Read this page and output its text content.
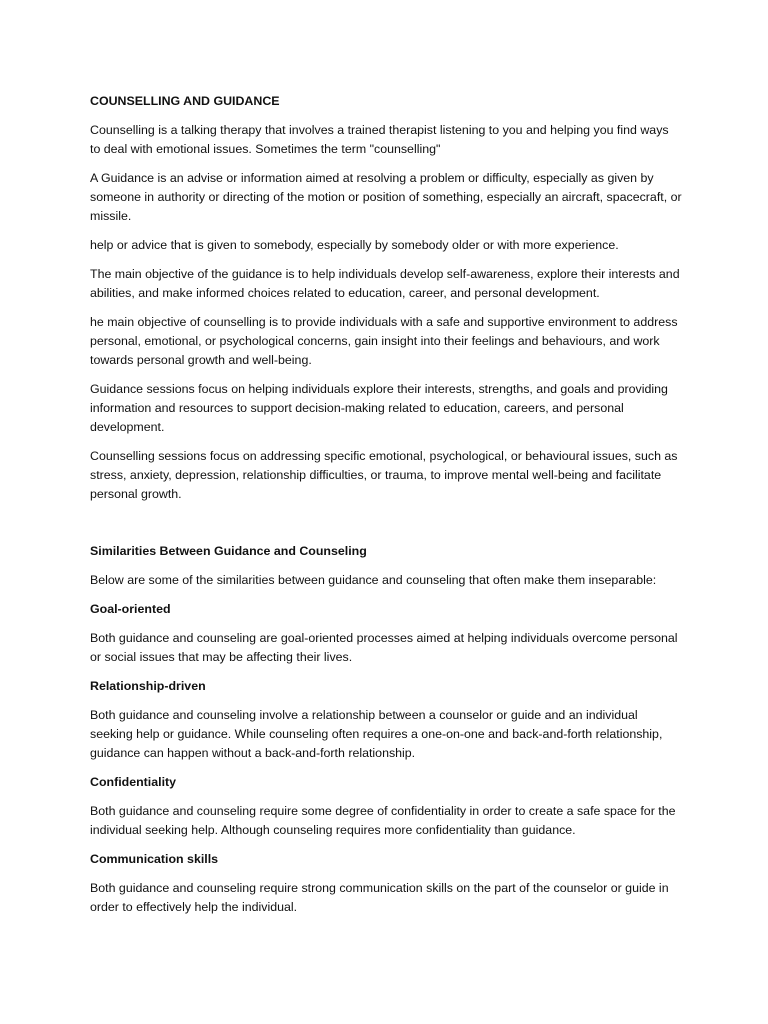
COUNSELLING AND GUIDANCE

Counselling is a talking therapy that involves a trained therapist listening to you and helping you find ways to deal with emotional issues. Sometimes the term "counselling"

A Guidance is an advise or information aimed at resolving a problem or difficulty, especially as given by someone in authority or directing of the motion or position of something, especially an aircraft, spacecraft, or missile.

help or advice that is given to somebody, especially by somebody older or with more experience.

The main objective of the guidance is to help individuals develop self-awareness, explore their interests and abilities, and make informed choices related to education, career, and personal development.

he main objective of counselling is to provide individuals with a safe and supportive environment to address personal, emotional, or psychological concerns, gain insight into their feelings and behaviours, and work towards personal growth and well-being.

Guidance sessions focus on helping individuals explore their interests, strengths, and goals and providing information and resources to support decision-making related to education, careers, and personal development.

Counselling sessions focus on addressing specific emotional, psychological, or behavioural issues, such as stress, anxiety, depression, relationship difficulties, or trauma, to improve mental well-being and facilitate personal growth.

Similarities Between Guidance and Counseling

Below are some of the similarities between guidance and counseling that often make them inseparable:

Goal-oriented

Both guidance and counseling are goal-oriented processes aimed at helping individuals overcome personal or social issues that may be affecting their lives.

Relationship-driven

Both guidance and counseling involve a relationship between a counselor or guide and an individual seeking help or guidance. While counseling often requires a one-on-one and back-and-forth relationship, guidance can happen without a back-and-forth relationship.

Confidentiality

Both guidance and counseling require some degree of confidentiality in order to create a safe space for the individual seeking help. Although counseling requires more confidentiality than guidance.

Communication skills

Both guidance and counseling require strong communication skills on the part of the counselor or guide in order to effectively help the individual.
